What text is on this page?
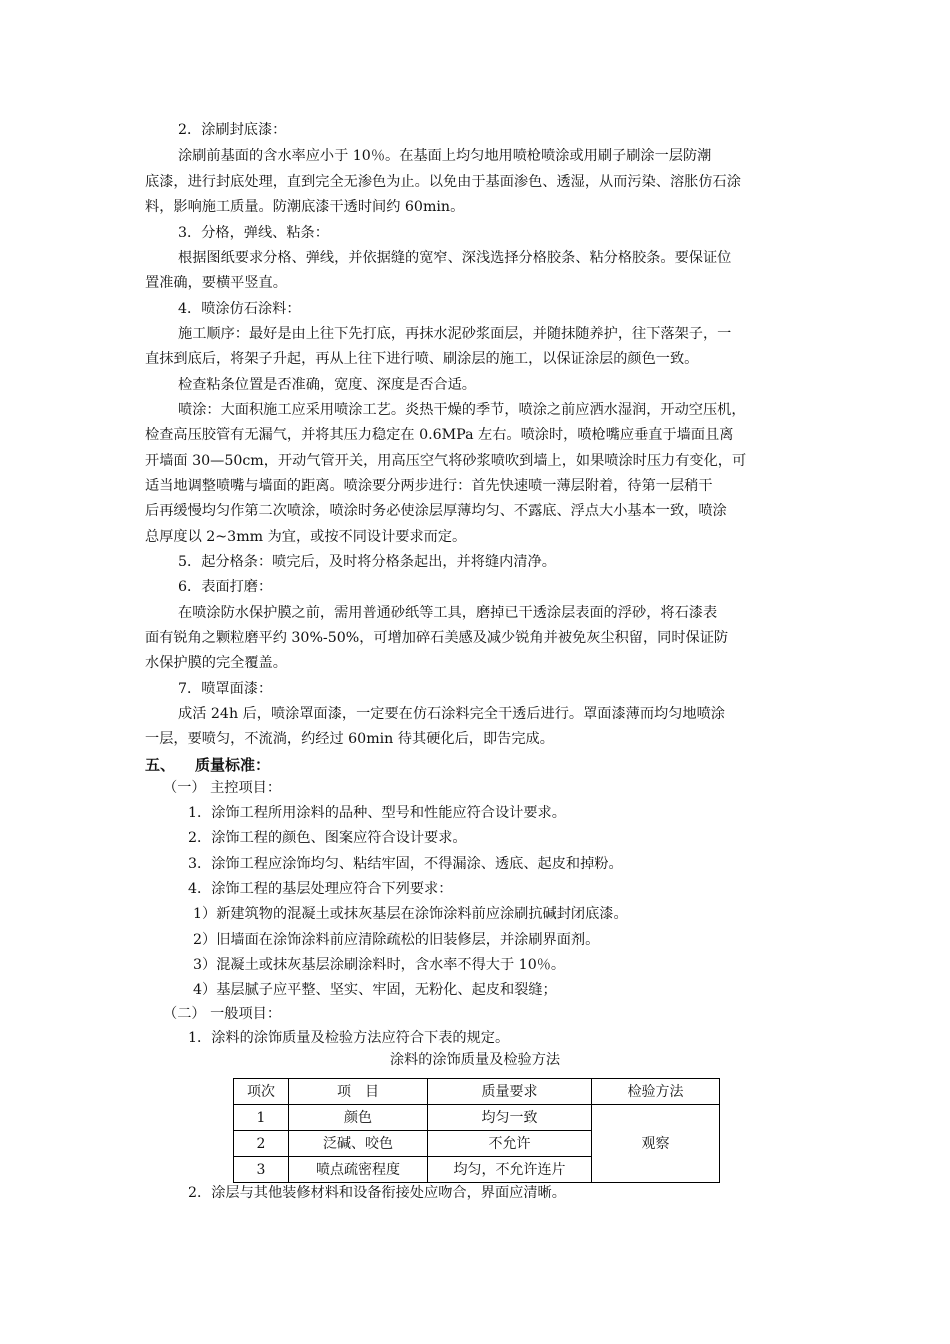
2．涂刷封底漆：
涂刷前基面的含水率应小于 10％。在基面上均匀地用喷枪喷涂或用刷子刷涂一层防潮
底漆，进行封底处理，直到完全无渗色为止。以免由于基面渗色、透湿，从而污染、溶胀仿石涂
料，影响施工质量。防潮底漆干透时间约 60min。
3．分格，弹线、粘条：
根据图纸要求分格、弹线，并依据缝的宽窄、深浅选择分格胶条、粘分格胶条。要保证位
置准确，要横平竖直。
4．喷涂仿石涂料：
施工顺序：最好是由上往下先打底，再抹水泥砂浆面层，并随抹随养护，往下落架子，一
直抹到底后，将架子升起，再从上往下进行喷、刷涂层的施工，以保证涂层的颜色一致。
检查粘条位置是否准确，宽度、深度是否合适。
喷涂：大面积施工应采用喷涂工艺。炎热干燥的季节，喷涂之前应洒水湿润，开动空压机，
检查高压胶管有无漏气，并将其压力稳定在 0.6MPa 左右。喷涂时，喷枪嘴应垂直于墙面且离
开墙面 30—50cm，开动气管开关，用高压空气将砂浆喷吹到墙上，如果喷涂时压力有变化，可
适当地调整喷嘴与墙面的距离。喷涂要分两步进行：首先快速喷一薄层附着，待第一层稍干
后再缓慢均匀作第二次喷涂，喷涂时务必使涂层厚薄均匀、不露底、浮点大小基本一致，喷涂
总厚度以 2~3mm 为宜，或按不同设计要求而定。
5．起分格条：喷完后，及时将分格条起出，并将缝内清净。
6．表面打磨：
在喷涂防水保护膜之前，需用普通砂纸等工具，磨掉已干透涂层表面的浮砂，将石漆表
面有锐角之颗粒磨平约 30%-50%，可增加碎石美感及减少锐角并被免灰尘积留，同时保证防
水保护膜的完全覆盖。
7．喷罩面漆：
成活 24h 后，喷涂罩面漆，一定要在仿石涂料完全干透后进行。罩面漆薄而均匀地喷涂
一层，要喷匀，不流淌，约经过 60min 待其硬化后，即告完成。
五、 质量标准：
（一） 主控项目：
1．涂饰工程所用涂料的品种、型号和性能应符合设计要求。
2．涂饰工程的颜色、图案应符合设计要求。
3．涂饰工程应涂饰均匀、粘结牢固，不得漏涂、透底、起皮和掉粉。
4．涂饰工程的基层处理应符合下列要求：
1）新建筑物的混凝土或抹灰基层在涂饰涂料前应涂刷抗碱封闭底漆。
2）旧墙面在涂饰涂料前应清除疏松的旧装修层，并涂刷界面剂。
3）混凝土或抹灰基层涂刷涂料时，含水率不得大于 10％。
4）基层腻子应平整、坚实、牢固，无粉化、起皮和裂缝；
（二） 一般项目：
1．涂料的涂饰质量及检验方法应符合下表的规定。
涂料的涂饰质量及检验方法
项次	项　目	质量要求	检验方法
1	颜色	均匀一致	观察
2	泛碱、咬色	不允许	
3	喷点疏密程度	均匀，不允许连片	
2．涂层与其他装修材料和设备衔接处应吻合，界面应清晰。
